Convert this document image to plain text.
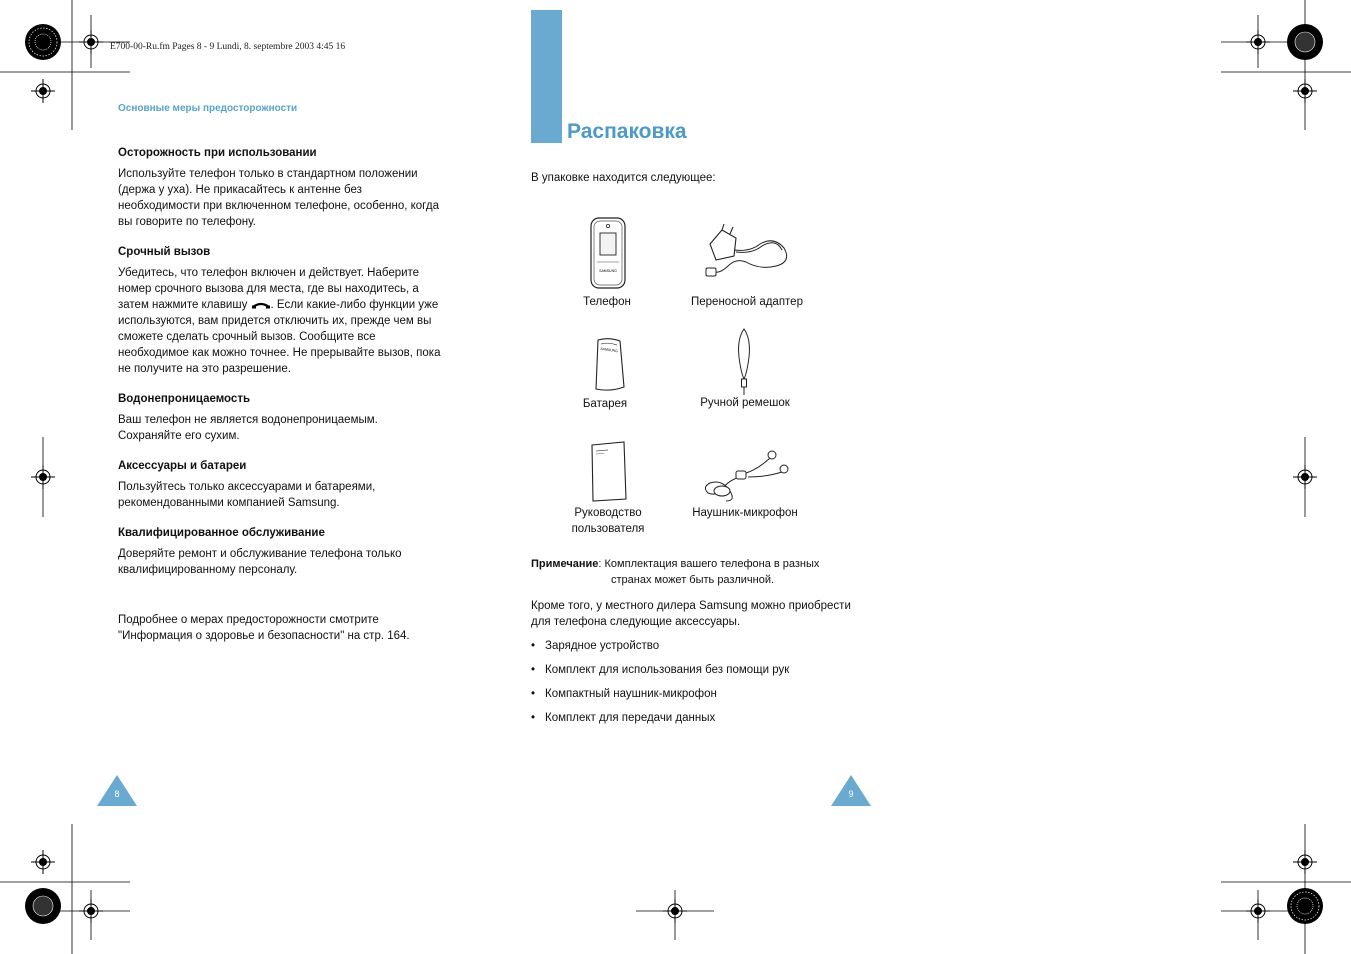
E700-00-Ru.fm Pages 8 - 9 Lundi, 8. septembre 2003 4:45 16
Основные меры предосторожности
Осторожность при использовании

Используйте телефон только в стандартном положении (держа у уха). Не прикасайтесь к антенне без необходимости при включенном телефоне, особенно, когда вы говорите по телефону.

Срочный вызов

Убедитесь, что телефон включен и действует. Наберите номер срочного вызова для места, где вы находитесь, а затем нажмите клавишу . Если какие-либо функции уже используются, вам придется отключить их, прежде чем вы сможете сделать срочный вызов. Сообщите все необходимое как можно точнее. Не прерывайте вызов, пока не получите на это разрешение.

Водонепроницаемость

Ваш телефон не является водонепроницаемым. Сохраняйте его сухим.

Аксессуары и батареи

Пользуйтесь только аксессуарами и батареями, рекомендованными компанией Samsung.

Квалифицированное обслуживание

Доверяйте ремонт и обслуживание телефона только квалифицированному персоналу.

Подробнее о мерах предосторожности смотрите "Информация о здоровье и безопасности" на стр. 164.

8
Распаковка
В упаковке находится следующее:
SAMSUNG
SAMSUNG
Телефон	Переносной адаптер
Батарея	Ручной ремешок
Руководство пользователя
Наушник-микрофон
Примечание: Комплектация вашего телефона в разных
странах может быть различной.
Кроме того, у местного дилера Samsung можно приобрести для телефона следующие аксессуары.
• Зарядное устройство
• Комплект для использования без помощи рук
• Компактный наушник-микрофон
• Комплект для передачи данных
9
